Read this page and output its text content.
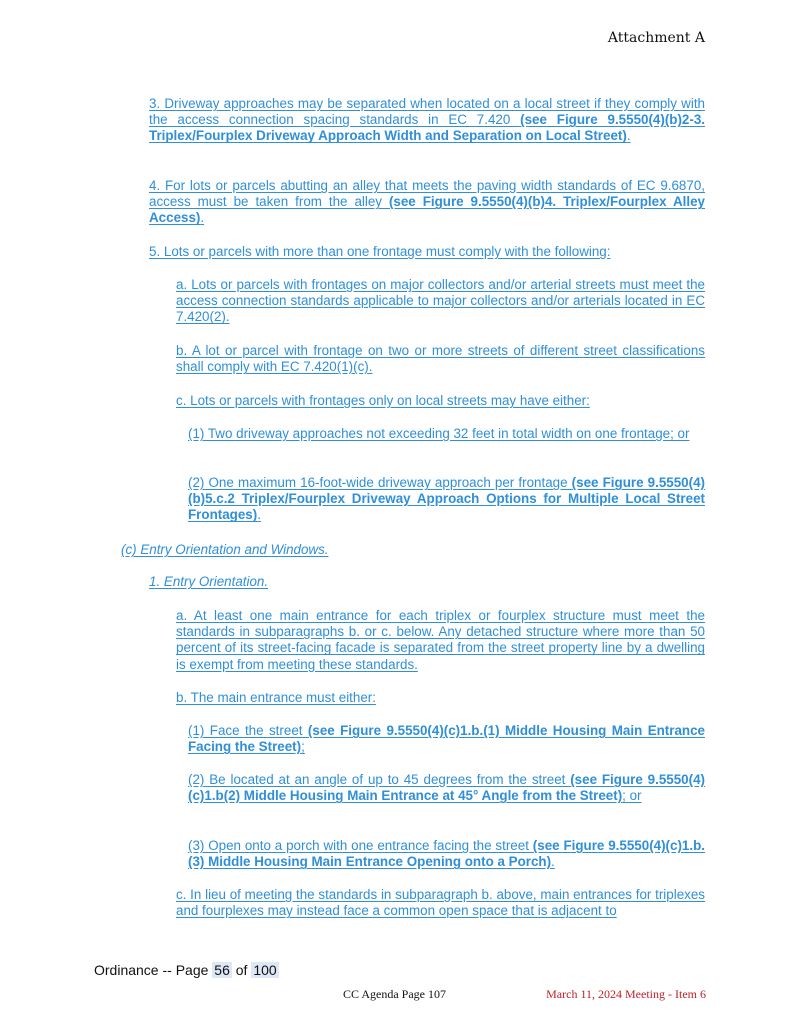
Attachment A
3. Driveway approaches may be separated when located on a local street if they comply with the access connection spacing standards in EC 7.420 (see Figure 9.5550(4)(b)2-3. Triplex/Fourplex Driveway Approach Width and Separation on Local Street).
4. For lots or parcels abutting an alley that meets the paving width standards of EC 9.6870, access must be taken from the alley (see Figure 9.5550(4)(b)4. Triplex/Fourplex Alley Access).
5. Lots or parcels with more than one frontage must comply with the following:
a. Lots or parcels with frontages on major collectors and/or arterial streets must meet the access connection standards applicable to major collectors and/or arterials located in EC 7.420(2).
b. A lot or parcel with frontage on two or more streets of different street classifications shall comply with EC 7.420(1)(c).
c. Lots or parcels with frontages only on local streets may have either:
(1) Two driveway approaches not exceeding 32 feet in total width on one frontage; or
(2) One maximum 16-foot-wide driveway approach per frontage (see Figure 9.5550(4)(b)5.c.2 Triplex/Fourplex Driveway Approach Options for Multiple Local Street Frontages).
(c) Entry Orientation and Windows.
1. Entry Orientation.
a. At least one main entrance for each triplex or fourplex structure must meet the standards in subparagraphs b. or c. below. Any detached structure where more than 50 percent of its street-facing facade is separated from the street property line by a dwelling is exempt from meeting these standards.
b. The main entrance must either:
(1) Face the street (see Figure 9.5550(4)(c)1.b.(1) Middle Housing Main Entrance Facing the Street);
(2) Be located at an angle of up to 45 degrees from the street (see Figure 9.5550(4)(c)1.b(2) Middle Housing Main Entrance at 45° Angle from the Street); or
(3) Open onto a porch with one entrance facing the street (see Figure 9.5550(4)(c)1.b.(3) Middle Housing Main Entrance Opening onto a Porch).
c. In lieu of meeting the standards in subparagraph b. above, main entrances for triplexes and fourplexes may instead face a common open space that is adjacent to
Ordinance -- Page 56 of 100
CC Agenda Page 107	March 11, 2024 Meeting - Item 6
